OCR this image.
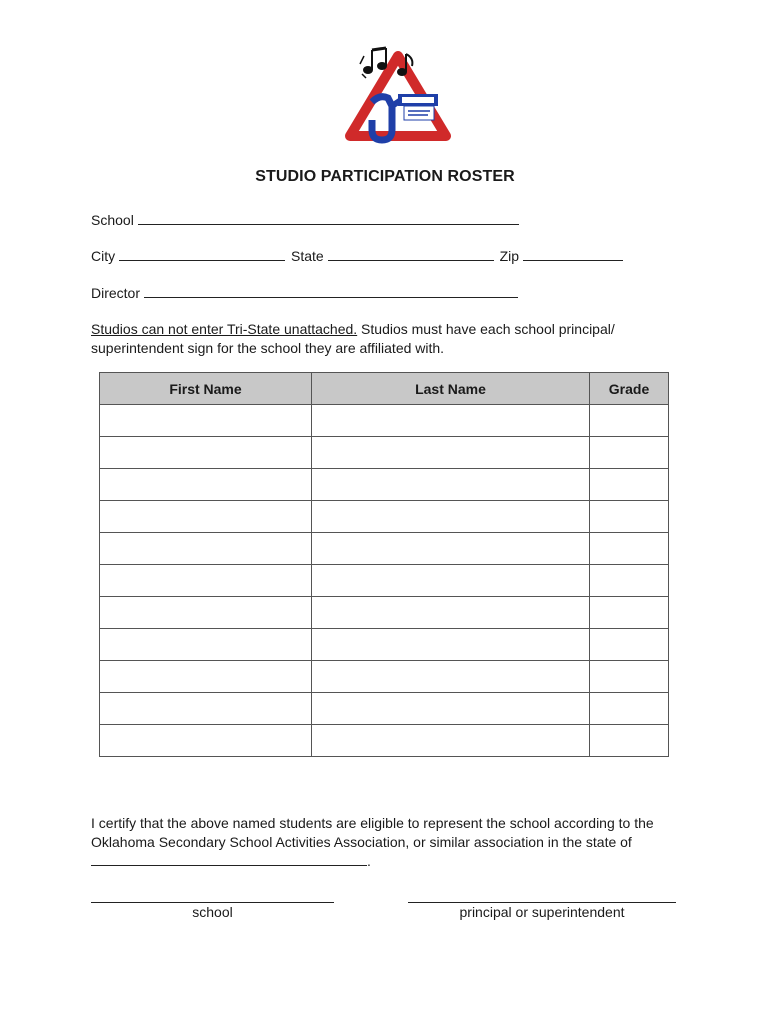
STUDIO PARTICIPATION ROSTER
School
City	State	Zip
Director
Studios can not enter Tri-State unattached. Studios must have each school principal/ superintendent sign for the school they are affiliated with.
First Name	Last Name	Grade

I certify that the above named students are eligible to represent the school according to the Oklahoma Secondary School Activities Association, or similar association in the state of .
school	principal or superintendent
